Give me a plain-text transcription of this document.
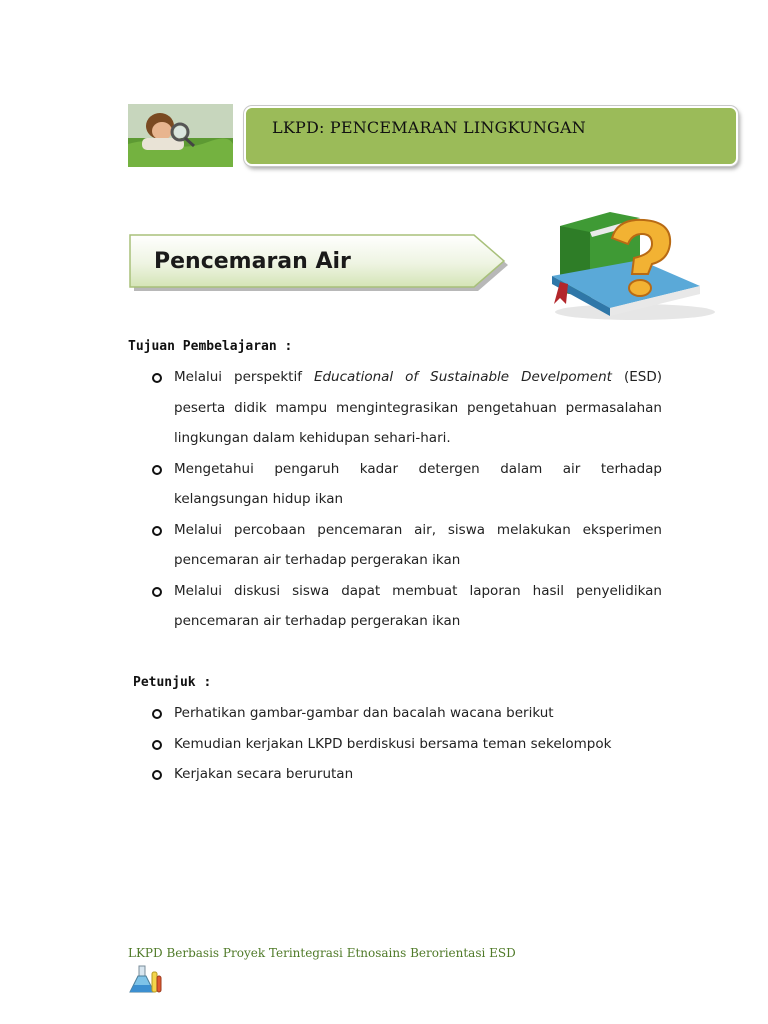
LKPD: PENCEMARAN LINGKUNGAN
Pencemaran Air
Tujuan Pembelajaran :
Melalui perspektif Educational of Sustainable Develpoment (ESD) peserta didik mampu mengintegrasikan pengetahuan permasalahan lingkungan dalam kehidupan sehari-hari.
Mengetahui pengaruh kadar detergen dalam air terhadap kelangsungan hidup ikan
Melalui percobaan pencemaran air, siswa melakukan eksperimen pencemaran air terhadap pergerakan ikan
Melalui diskusi siswa dapat membuat laporan hasil penyelidikan pencemaran air terhadap pergerakan ikan
Petunjuk :
Perhatikan gambar-gambar dan bacalah wacana berikut
Kemudian kerjakan LKPD berdiskusi bersama teman sekelompok
Kerjakan secara berurutan
LKPD Berbasis Proyek Terintegrasi Etnosains Berorientasi ESD
